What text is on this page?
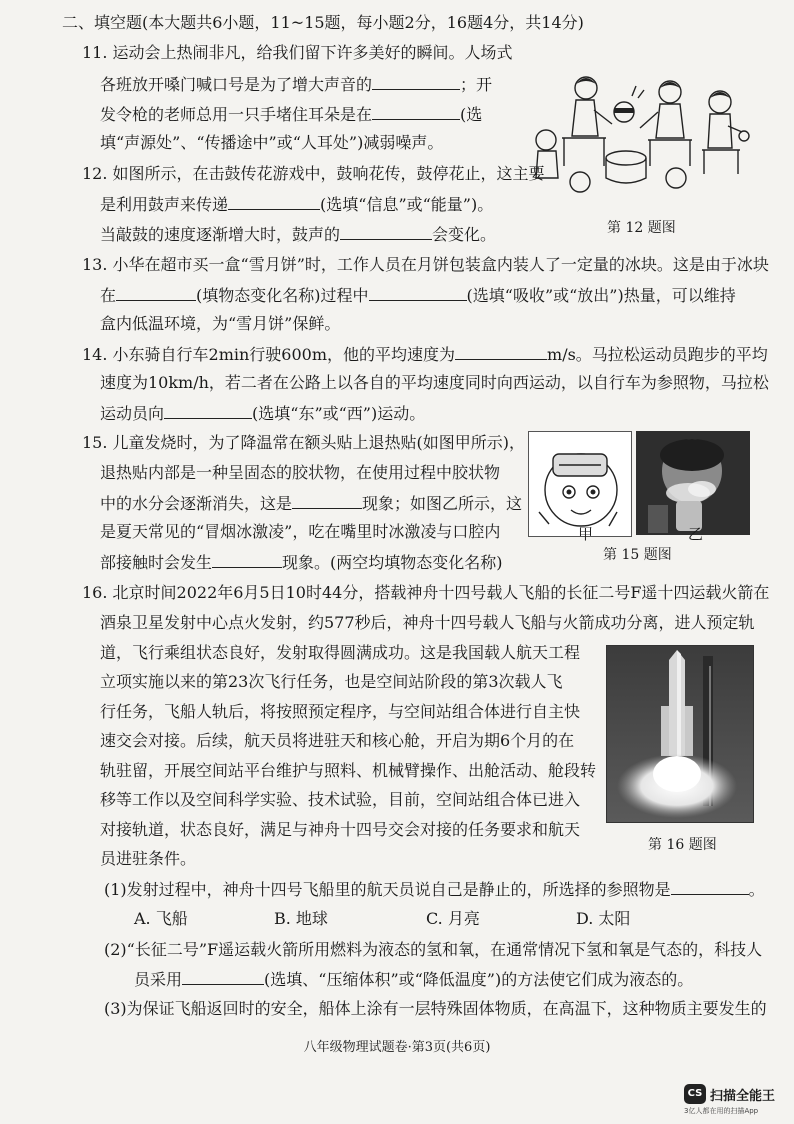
二、填空题(本大题共6小题，11~15题，每小题2分，16题4分，共14分)
11. 运动会上热闹非凡，给我们留下许多美好的瞬间。人场式
各班放开嗓门喊口号是为了增大声音的	；开
发令枪的老师总用一只手堵住耳朵是在	(选
填“声源处”、“传播途中”或“人耳处”)减弱噪声。
第 12 题图
12. 如图所示，在击鼓传花游戏中，鼓响花传，鼓停花止，这主要
是利用鼓声来传递	(选填“信息”或“能量”)。
当敲鼓的速度逐渐增大时，鼓声的	会变化。
13. 小华在超市买一盒“雪月饼”时，工作人员在月饼包装盒内装人了一定量的冰块。这是由于冰块
在	(填物态变化名称)过程中	(选填“吸收”或“放出”)热量，可以维持
盒内低温环境，为“雪月饼”保鲜。
14. 小东骑自行车2min行驶600m，他的平均速度为	m/s。马拉松运动员跑步的平均
速度为10km/h，若二者在公路上以各自的平均速度同时向西运动，以自行车为参照物，马拉松
运动员向	(选填“东”或“西”)运动。
15. 儿童发烧时，为了降温常在额头贴上退热贴(如图甲所示)，
退热贴内部是一种呈固态的胶状物，在使用过程中胶状物
中的水分会逐渐消失，这是	现象；如图乙所示，这
是夏天常见的“冒烟冰激凌”，吃在嘴里时冰激凌与口腔内
部接触时会发生	现象。(两空均填物态变化名称)
甲
第 15 题图
乙
16. 北京时间2022年6月5日10时44分，搭载神舟十四号载人飞船的长征二号F遥十四运载火箭在
酒泉卫星发射中心点火发射，约577秒后，神舟十四号载人飞船与火箭成功分离，进人预定轨
道，飞行乘组状态良好，发射取得圆满成功。这是我国载人航天工程
立项实施以来的第23次飞行任务，也是空间站阶段的第3次载人飞
行任务，飞船人轨后，将按照预定程序，与空间站组合体进行自主快
速交会对接。后续，航天员将进驻天和核心舱，开启为期6个月的在
轨驻留，开展空间站平台维护与照料、机械臂操作、出舱活动、舱段转
移等工作以及空间科学实验、技术试验，目前，空间站组合体已进入
对接轨道，状态良好，满足与神舟十四号交会对接的任务要求和航天
员进驻条件。
(1)发射过程中，神舟十四号飞船里的航天员说自己是静止的，所选择的参照物是	。
A. 飞船	B. 地球	C. 月亮	D. 太阳
(2)“长征二号”F遥运载火箭所用燃料为液态的氢和氧，在通常情况下氢和氧是气态的，科技人
员采用	(选填、“压缩体积”或“降低温度”)的方法使它们成为液态的。
(3)为保证飞船返回时的安全，船体上涂有一层特殊固体物质，在高温下，这种物质主要发生的
第 16 题图
八年级物理试题卷·第3页(共6页)
CS 扫描全能王
3亿人都在用的扫描App
